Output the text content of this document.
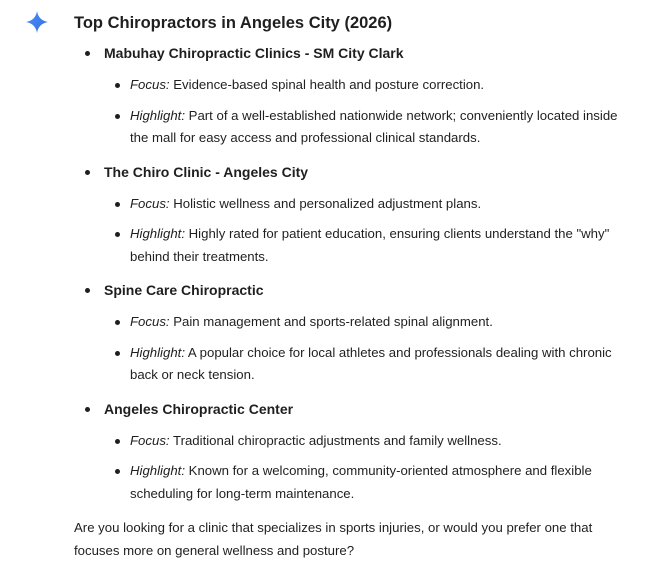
Top Chiropractors in Angeles City (2026)
Mabuhay Chiropractic Clinics - SM City Clark
Focus: Evidence-based spinal health and posture correction.
Highlight: Part of a well-established nationwide network; conveniently located inside the mall for easy access and professional clinical standards.
The Chiro Clinic - Angeles City
Focus: Holistic wellness and personalized adjustment plans.
Highlight: Highly rated for patient education, ensuring clients understand the "why" behind their treatments.
Spine Care Chiropractic
Focus: Pain management and sports-related spinal alignment.
Highlight: A popular choice for local athletes and professionals dealing with chronic back or neck tension.
Angeles Chiropractic Center
Focus: Traditional chiropractic adjustments and family wellness.
Highlight: Known for a welcoming, community-oriented atmosphere and flexible scheduling for long-term maintenance.

Are you looking for a clinic that specializes in sports injuries, or would you prefer one that focuses more on general wellness and posture?
